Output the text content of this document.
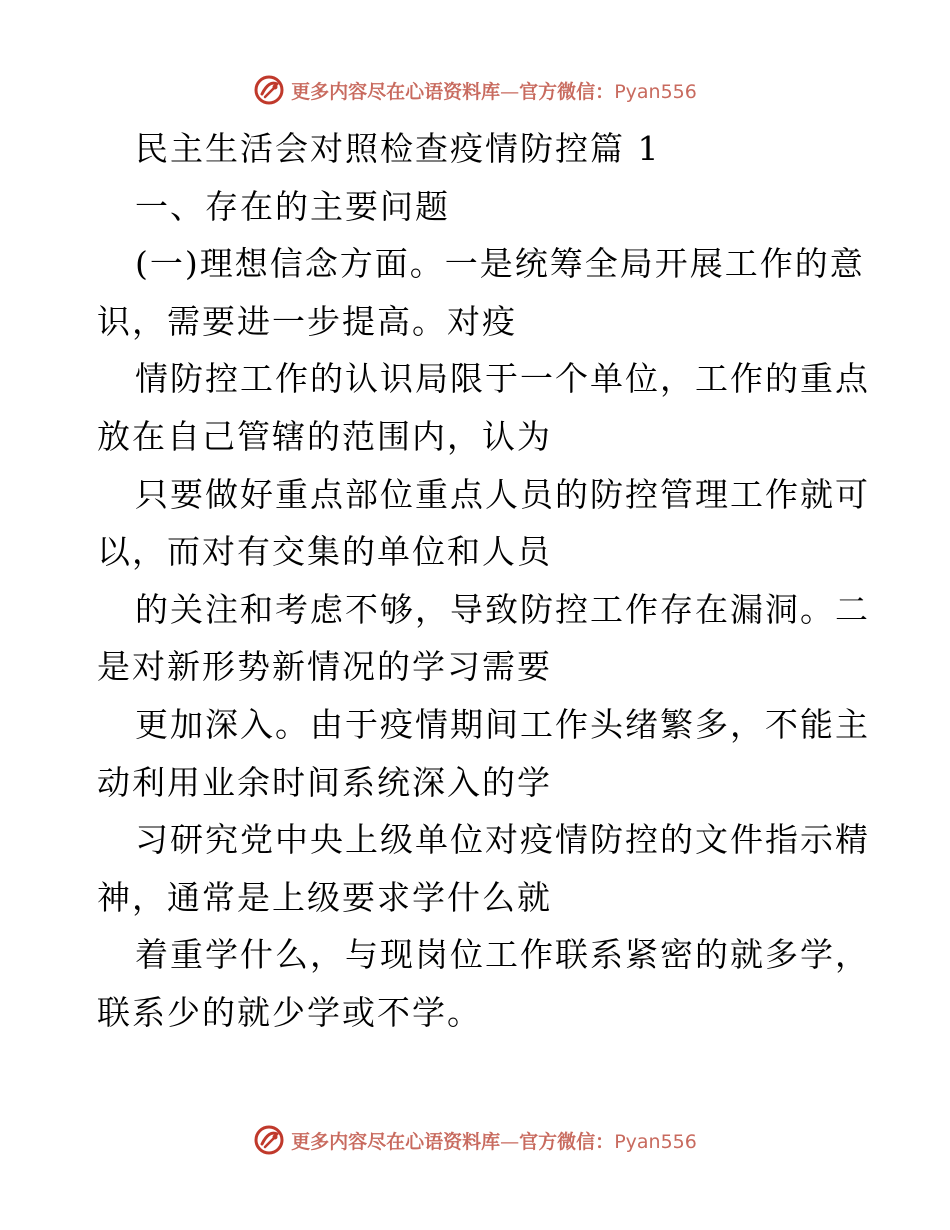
更多内容尽在心语资料库—官方微信：Pyan556
民主生活会对照检查疫情防控篇 1
一、存在的主要问题
(一)理想信念方面。一是统筹全局开展工作的意
识，需要进一步提高。对疫
情防控工作的认识局限于一个单位，工作的重点
放在自己管辖的范围内，认为
只要做好重点部位重点人员的防控管理工作就可
以，而对有交集的单位和人员
的关注和考虑不够，导致防控工作存在漏洞。二
是对新形势新情况的学习需要
更加深入。由于疫情期间工作头绪繁多，不能主
动利用业余时间系统深入的学
习研究党中央上级单位对疫情防控的文件指示精
神，通常是上级要求学什么就
着重学什么，与现岗位工作联系紧密的就多学，
联系少的就少学或不学。
更多内容尽在心语资料库—官方微信：Pyan556
